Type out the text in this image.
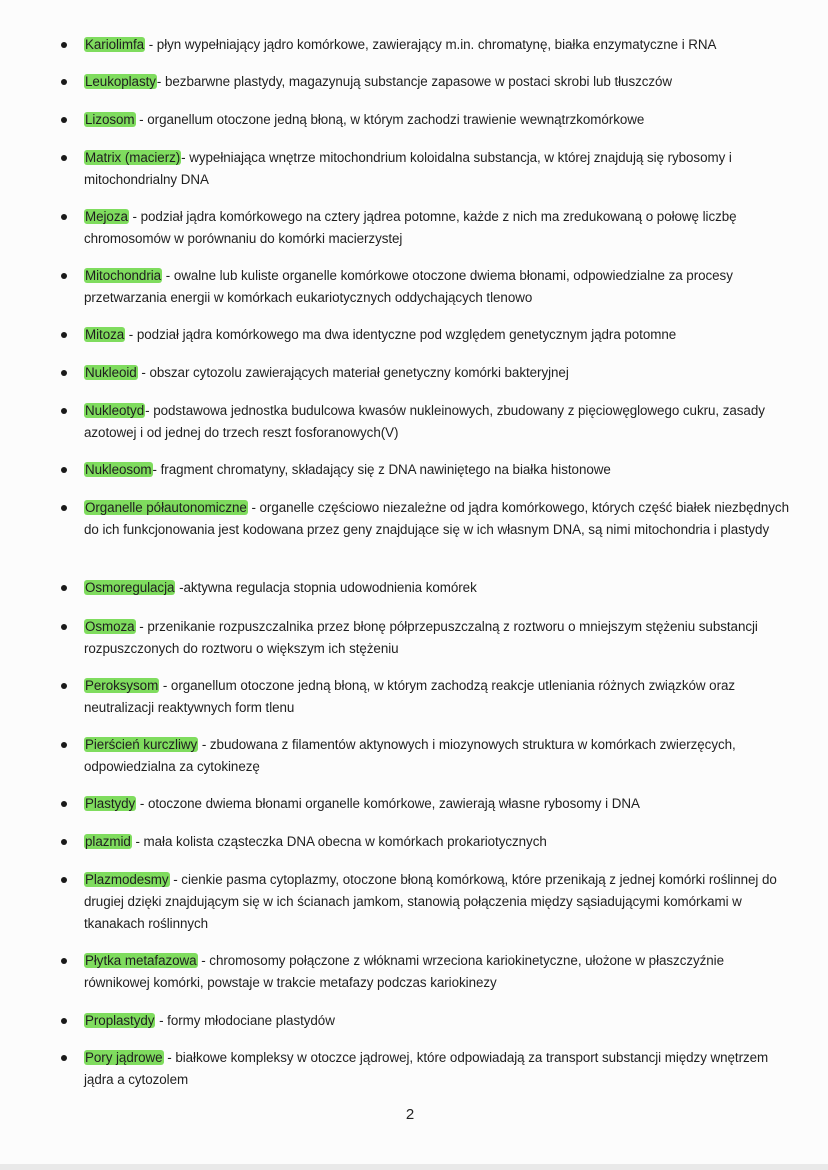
Kariolimfa - płyn wypełniający jądro komórkowe, zawierający m.in. chromatynę, białka enzymatyczne i RNA
Leukoplasty- bezbarwne plastydy, magazynują substancje zapasowe w postaci skrobi lub tłuszczów
Lizosom - organellum otoczone jedną błoną, w którym zachodzi trawienie wewnątrzkomórkowe
Matrix (macierz)- wypełniająca wnętrze mitochondrium koloidalna substancja, w której znajdują się rybosomy i mitochondrialny DNA
Mejoza - podział jądra komórkowego na cztery jądrea potomne, każde z nich ma zredukowaną o połowę liczbę chromosomów w porównaniu do komórki macierzystej
Mitochondria - owalne lub kuliste organelle komórkowe otoczone dwiema błonami, odpowiedzialne za procesy przetwarzania energii w komórkach eukariotycznych oddychających tlenowo
Mitoza - podział jądra komórkowego ma dwa identyczne pod względem genetycznym jądra potomne
Nukleoid - obszar cytozolu zawierających materiał genetyczny komórki bakteryjnej
Nukleotyd- podstawowa jednostka budulcowa kwasów nukleinowych, zbudowany z pięciowęglowego cukru, zasady azotowej i od jednej do trzech reszt fosforanowych(V)
Nukleosom- fragment chromatyny, składający się z DNA nawiniętego na białka histonowe
Organelle półautonomiczne - organelle częściowo niezależne od jądra komórkowego, których część białek niezbędnych do ich funkcjonowania jest kodowana przez geny znajdujące się w ich własnym DNA, są nimi mitochondria i plastydy
Osmoregulacja -aktywna regulacja stopnia udowodnienia komórek
Osmoza - przenikanie rozpuszczalnika przez błonę półprzepuszczalną z roztworu o mniejszym stężeniu substancji rozpuszczonych do roztworu o większym ich stężeniu
Peroksysom - organellum otoczone jedną błoną, w którym zachodzą reakcje utleniania różnych związków oraz neutralizacji reaktywnych form tlenu
Pierścień kurczliwy - zbudowana z filamentów aktynowych i miozynowych struktura w komórkach zwierzęcych, odpowiedzialna za cytokinezę
Plastydy - otoczone dwiema błonami organelle komórkowe, zawierają własne rybosomy i DNA
plazmid - mała kolista cząsteczka DNA obecna w komórkach prokariotycznych
Plazmodesmy - cienkie pasma cytoplazmy, otoczone błoną komórkową, które przenikają z jednej komórki roślinnej do drugiej dzięki znajdującym się w ich ścianach jamkom, stanowią połączenia między sąsiadującymi komórkami w tkanakach roślinnych
Płytka metafazowa - chromosomy połączone z włóknami wrzeciona kariokinetyczne, ułożone w płaszczyźnie równikowej komórki, powstaje w trakcie metafazy podczas kariokinezy
Proplastydy - formy młodociane plastydów
Pory jądrowe - białkowe kompleksy w otoczce jądrowej, które odpowiadają za transport substancji między wnętrzem jądra a cytozolem
2
